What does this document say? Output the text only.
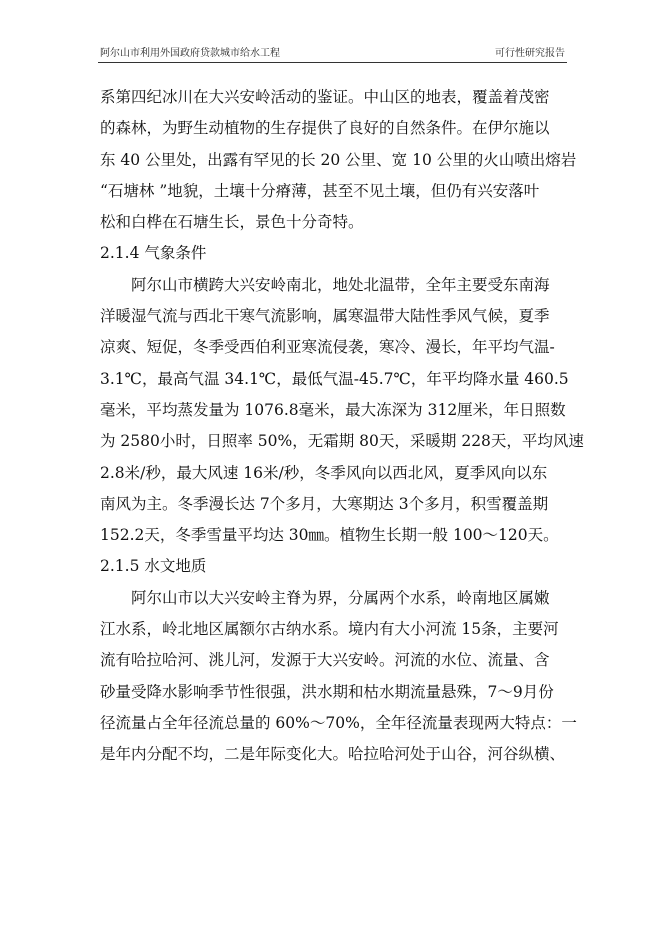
阿尔山市利用外国政府贷款城市给水工程	可行性研究报告
系第四纪冰川在大兴安岭活动的鉴证。中山区的地表，覆盖着茂密
的森林，为野生动植物的生存提供了良好的自然条件。在伊尔施以
东 40 公里处，出露有罕见的长 20 公里、宽 10 公里的火山喷出熔岩
“石塘林 ”地貌，土壤十分瘠薄，甚至不见土壤，但仍有兴安落叶
松和白桦在石塘生长，景色十分奇特。
2.1.4 气象条件
阿尔山市横跨大兴安岭南北，地处北温带，全年主要受东南海
洋暖湿气流与西北干寒气流影响，属寒温带大陆性季风气候，夏季
凉爽、短促，冬季受西伯利亚寒流侵袭，寒冷、漫长，年平均气温-
3.1℃，最高气温 34.1℃，最低气温-45.7℃，年平均降水量 460.5
毫米，平均蒸发量为 1076.8毫米，最大冻深为 312厘米，年日照数
为 2580小时，日照率 50%，无霜期 80天，采暖期 228天，平均风速
2.8米/秒，最大风速 16米/秒，冬季风向以西北风，夏季风向以东
南风为主。冬季漫长达 7个多月，大寒期达 3个多月，积雪覆盖期
152.2天，冬季雪量平均达 30㎜。植物生长期一般 100～120天。
2.1.5 水文地质
阿尔山市以大兴安岭主脊为界，分属两个水系，岭南地区属嫩
江水系，岭北地区属额尔古纳水系。境内有大小河流 15条，主要河
流有哈拉哈河、洮儿河，发源于大兴安岭。河流的水位、流量、含
砂量受降水影响季节性很强，洪水期和枯水期流量悬殊，7～9月份
径流量占全年径流总量的 60%～70%，全年径流量表现两大特点：一
是年内分配不均，二是年际变化大。哈拉哈河处于山谷，河谷纵横、
